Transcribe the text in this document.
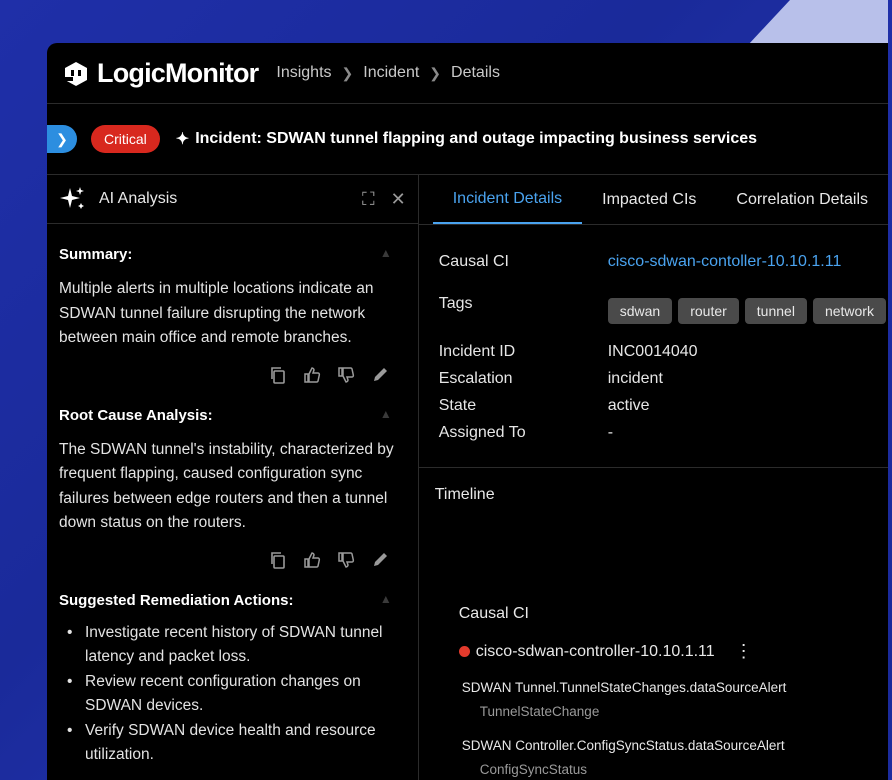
LogicMonitor Insights ❯ Incident ❯ Details
❯	Critical	✦ Incident: SDWAN tunnel flapping and outage impacting business services
AI Analysis	⛶ ✕
Summary:	▲
Multiple alerts in multiple locations indicate an SDWAN tunnel failure disrupting the network between main office and remote branches.
Root Cause Analysis:	▲
The SDWAN tunnel's instability, characterized by frequent flapping, caused configuration sync failures between edge routers and then a tunnel down status on the routers.
Suggested Remediation Actions:	▲
• Investigate recent history of SDWAN tunnel latency and packet loss.
• Review recent configuration changes on SDWAN devices.
• Verify SDWAN device health and resource utilization.
Incident Details	Impacted CIs	Correlation Details
Causal CI	cisco-sdwan-contoller-10.10.1.11
Tags	sdwan	router	tunnel	network
Incident ID	INC0014040
Escalation	incident
State	active
Assigned To	-
Timeline
Causal CI
cisco-sdwan-controller-10.10.1.11 ⋮
SDWAN Tunnel.TunnelStateChanges.dataSourceAlert
TunnelStateChange
SDWAN Controller.ConfigSyncStatus.dataSourceAlert
ConfigSyncStatus
